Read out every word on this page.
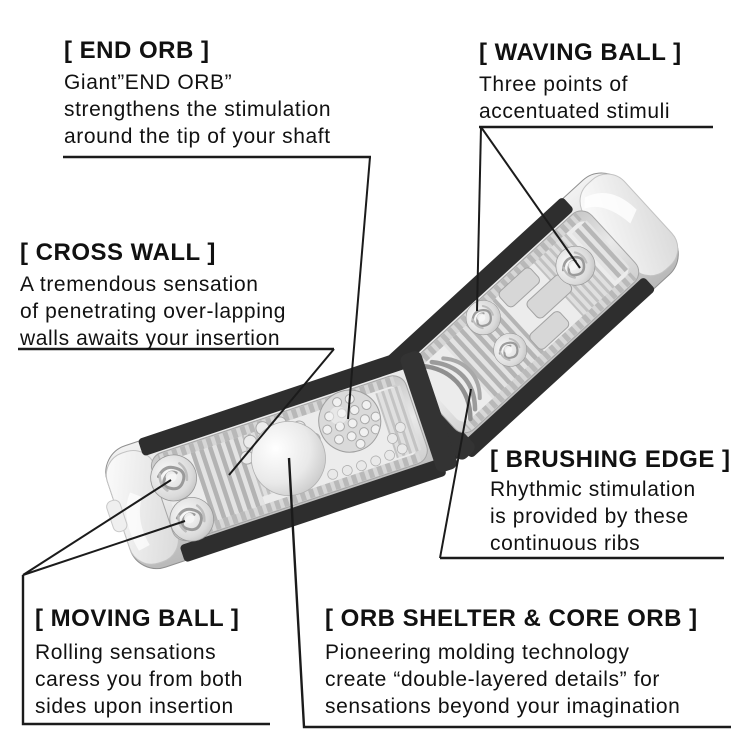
[ END ORB ]
Giant”END ORB”
strengthens the stimulation
around the tip of your shaft
[ WAVING BALL ]
Three points of
accentuated stimuli
[ CROSS WALL ]
A tremendous sensation
of penetrating over-lapping
walls awaits your insertion
[ BRUSHING EDGE ]
Rhythmic stimulation
is provided by these
continuous ribs
[ MOVING BALL ]
Rolling sensations
caress you from both
sides upon insertion
[ ORB SHELTER & CORE ORB ]
Pioneering molding technology
create “double-layered details” for
sensations beyond your imagination
